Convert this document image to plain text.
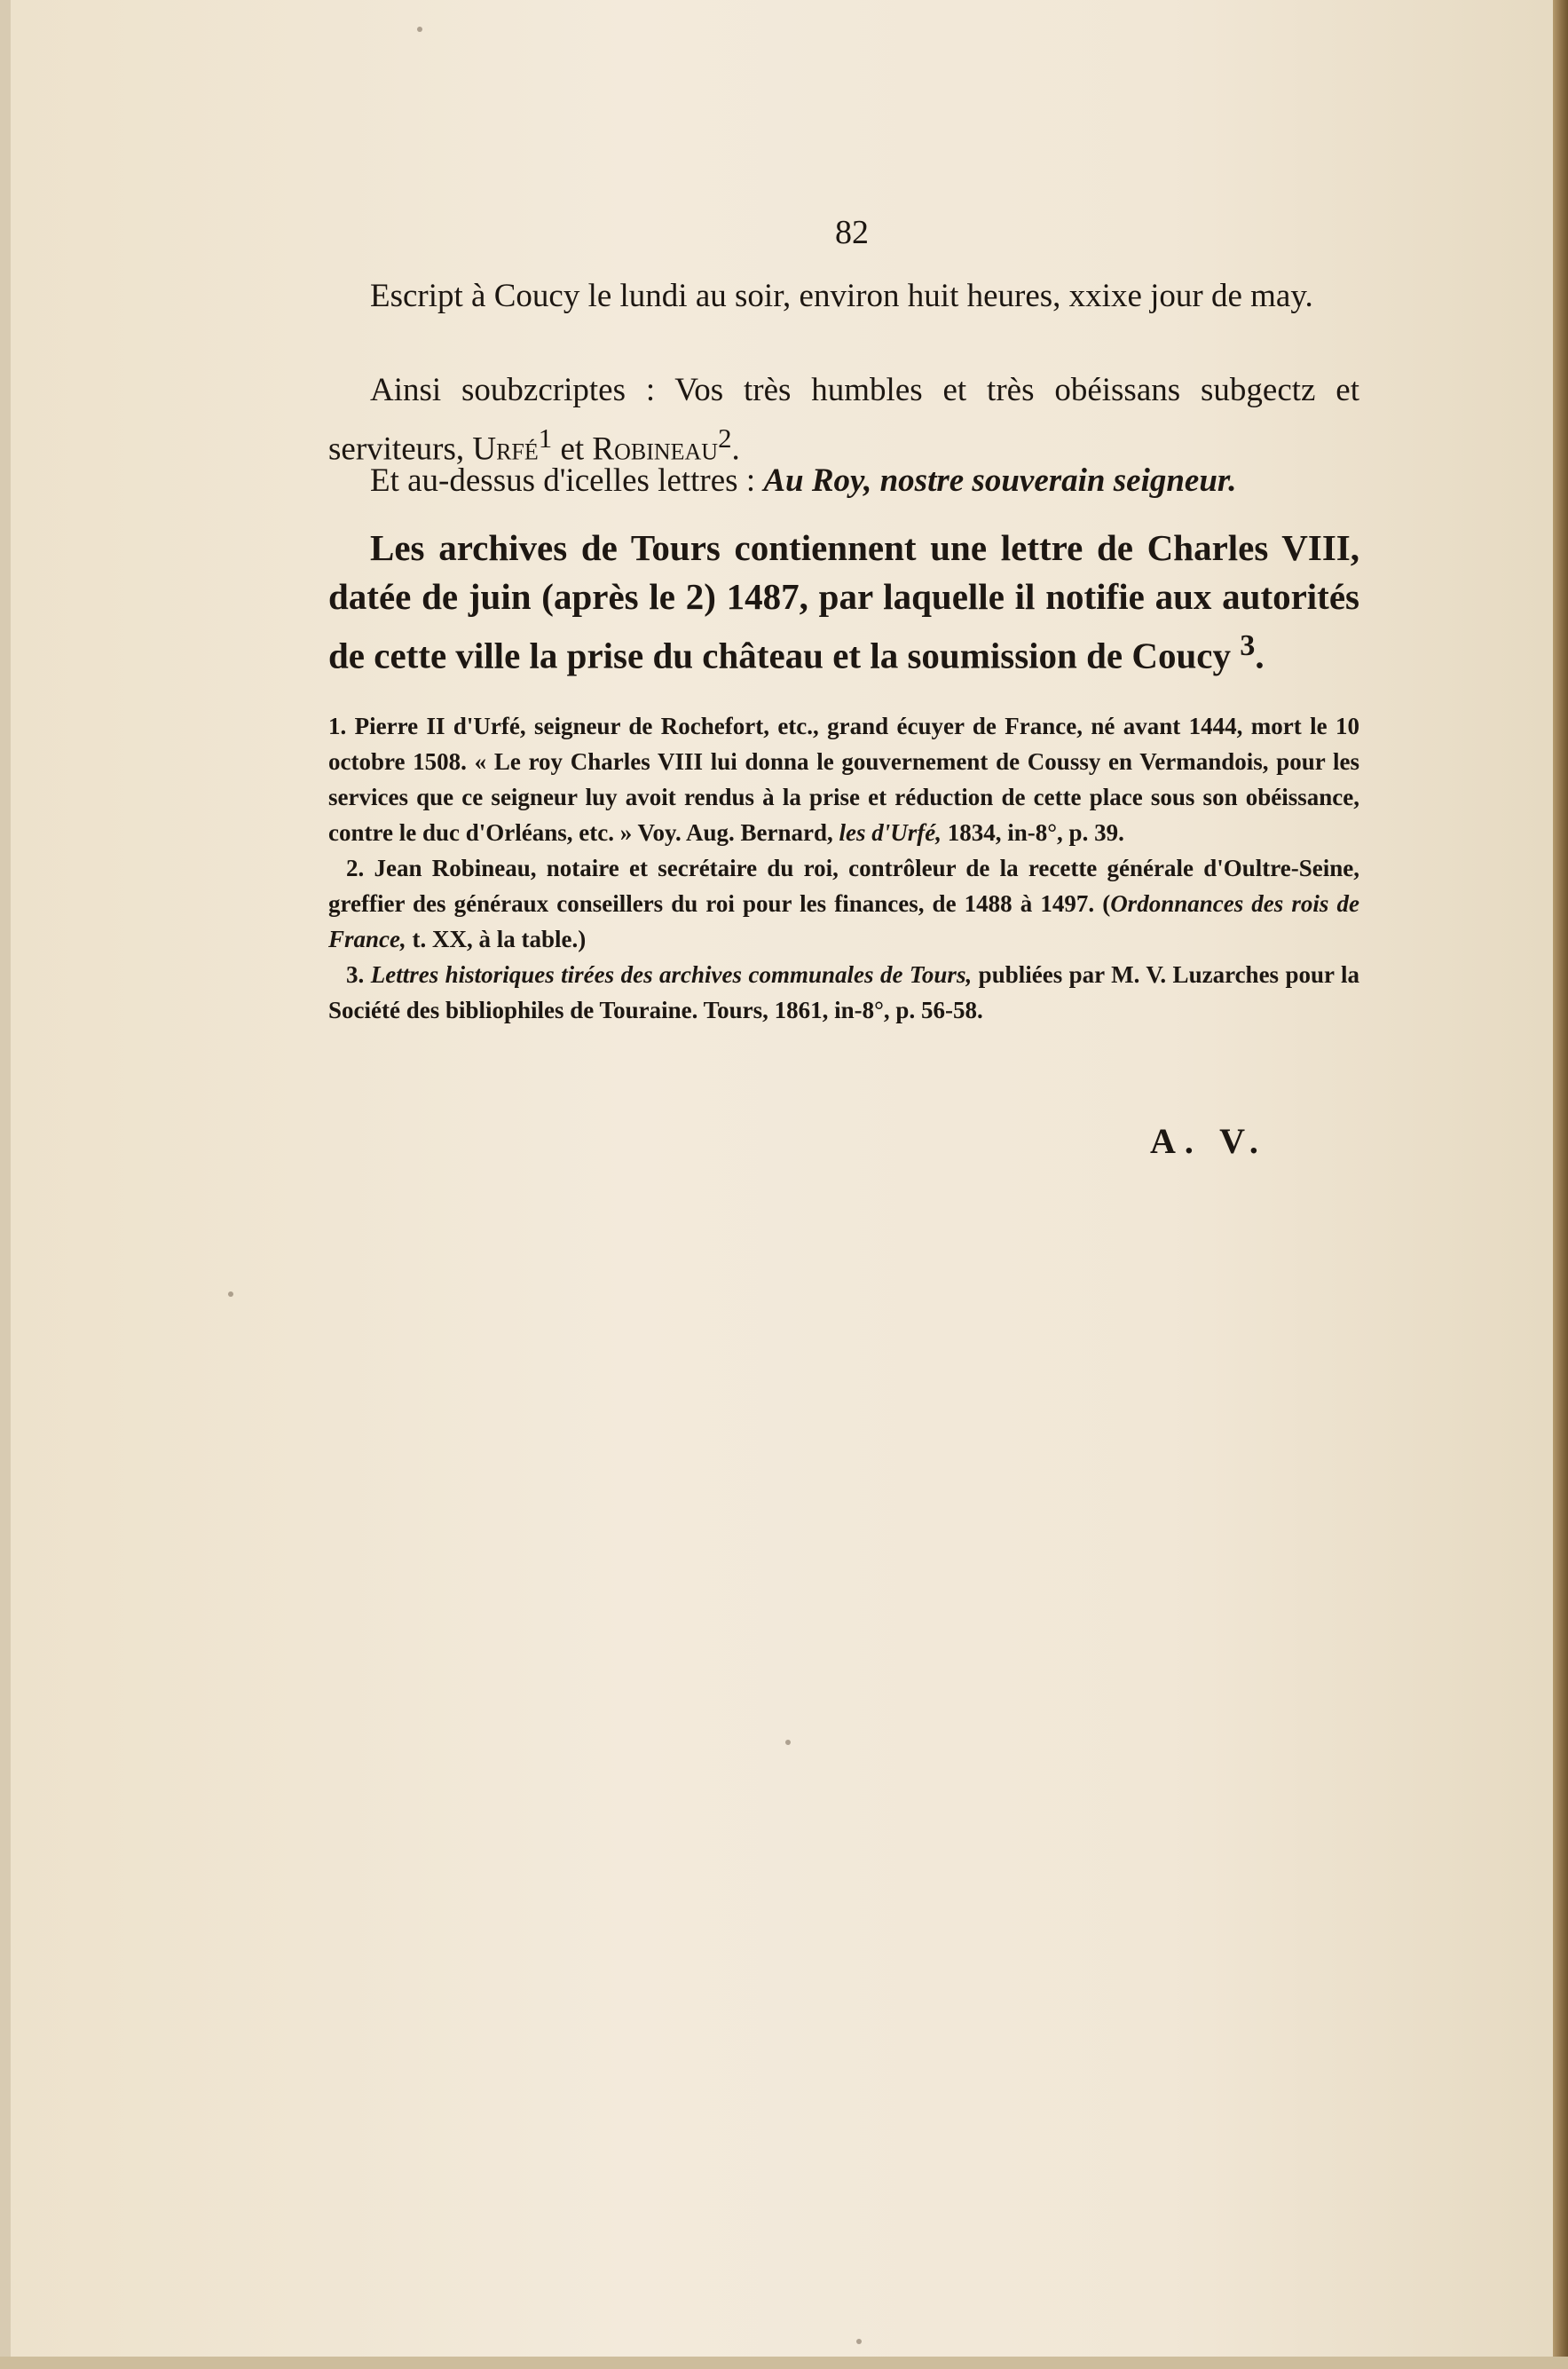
82

Escript à Coucy le lundi au soir, environ huit heures, xxixe jour de may.

Ainsi soubzcriptes : Vos très humbles et très obéissans subgectz et serviteurs, Urfé$^1$ et Robineau$^2$.

Et au-dessus d'icelles lettres : Au Roy, nostre souverain seigneur.

Les archives de Tours contiennent une lettre de Charles VIII, datée de juin (après le 2) 1487, par laquelle il notifie aux autorités de cette ville la prise du château et la soumission de Coucy $^3$.

1. Pierre II d'Urfé, seigneur de Rochefort, etc., grand écuyer de France, né avant 1444, mort le 10 octobre 1508. « Le roy Charles VIII lui donna le gouvernement de Coussy en Vermandois, pour les services que ce seigneur luy avoit rendus à la prise et réduction de cette place sous son obéissance, contre le duc d'Orléans, etc. » Voy. Aug. Bernard, les d'Urfé, 1834, in-8°, p. 39.

2. Jean Robineau, notaire et secrétaire du roi, contrôleur de la recette générale d'Oultre-Seine, greffier des généraux conseillers du roi pour les finances, de 1488 à 1497. (Ordonnances des rois de France, t. XX, à la table.)

3. Lettres historiques tirées des archives communales de Tours, publiées par M. V. Luzarches pour la Société des bibliophiles de Touraine. Tours, 1861, in-8°, p. 56-58.

A. V.
